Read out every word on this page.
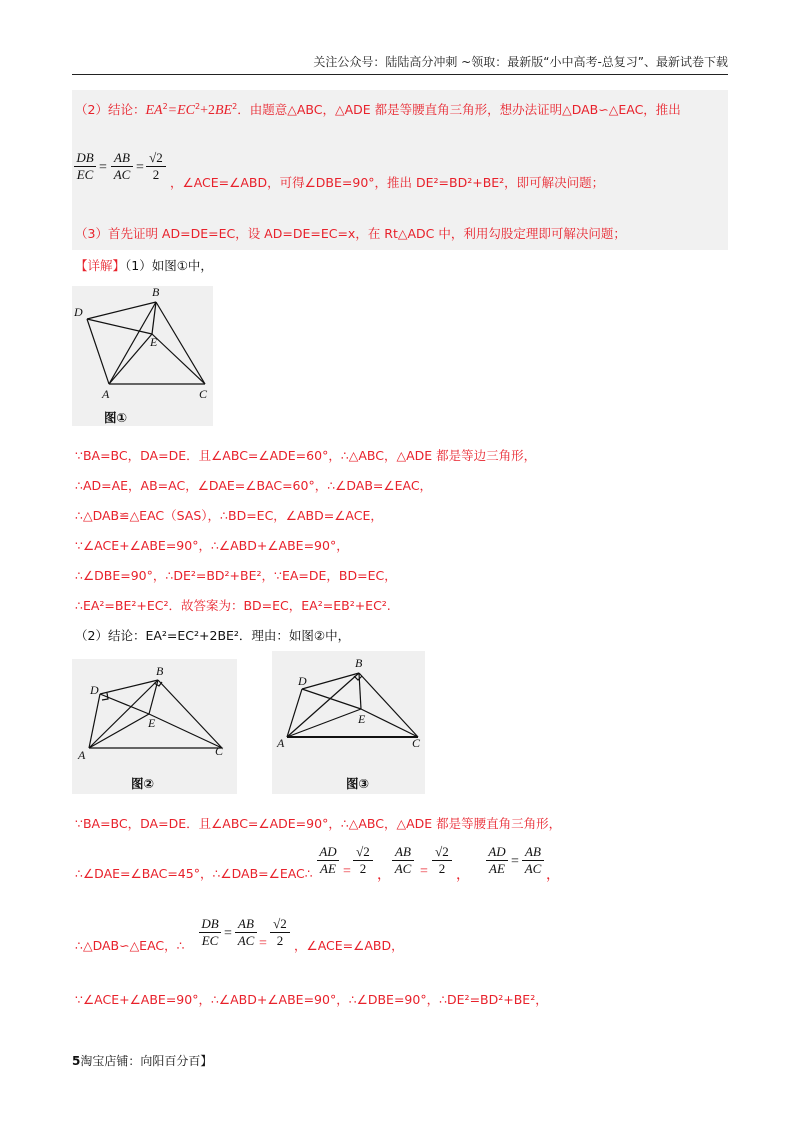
关注公众号：陆陆高分冲刺 ~领取：最新版“小中高考-总复习”、最新试卷下载
（2）结论：$EA^2=EC^2+2BE^2$．由题意△ABC，△ADE 都是等腰直角三角形，想办法证明△DAB∽△EAC，推出
$\frac{DB}{EC} = \frac{AB}{AC} = \frac{√2}{2}$ ，∠ACE=∠ABD，可得∠DBE=90°，推出 DE²=BD²+BE²，即可解决问题；
（3）首先证明 AD=DE=EC，设 AD=DE=EC=x，在 Rt△ADC 中，利用勾股定理即可解决问题；
【详解】（1）如图①中，
D
B
E
A	C
图①
∵BA=BC，DA=DE．且∠ABC=∠ADE=60°，∴△ABC，△ADE 都是等边三角形，
∴AD=AE，AB=AC，∠DAE=∠BAC=60°，∴∠DAB=∠EAC，
∴△DAB≌△EAC（SAS），∴BD=EC，∠ABD=∠ACE，
∵∠ACE+∠ABE=90°，∴∠ABD+∠ABE=90°，
∴∠DBE=90°，∴DE²=BD²+BE²，∵EA=DE，BD=EC，
∴EA²=BE²+EC²．故答案为：BD=EC，EA²=EB²+EC².
（2）结论：EA²=EC²+2BE²．理由：如图②中，
D
B
E
A	C
图②
D
B
E
A	C
图③
∵BA=BC，DA=DE．且∠ABC=∠ADE=90°，∴△ABC，△ADE 都是等腰直角三角形，
∴∠DAE=∠BAC=45°，∴∠DAB=∠EAC∴ $\frac{AD}{AE} = \frac{√2}{2}$ ， $\frac{AB}{AC} = \frac{√2}{2}$ ， $\frac{AD}{AE} = \frac{AB}{AC}$ ，
∴△DAB∽△EAC，∴ $\frac{DB}{EC} = \frac{AB}{AC} = \frac{√2}{2}$ ，∠ACE=∠ABD，
∵∠ACE+∠ABE=90°，∴∠ABD+∠ABE=90°，∴∠DBE=90°，∴DE²=BD²+BE²，
5淘宝店铺：向阳百分百】
